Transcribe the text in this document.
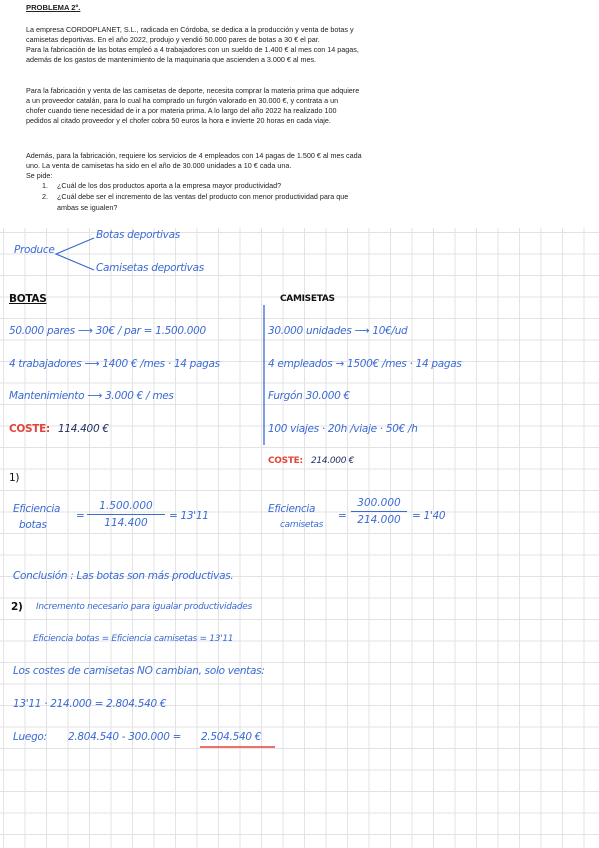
PROBLEMA 2º.
La empresa CORDOPLANET, S.L., radicada en Córdoba, se dedica a la producción y venta de botas y
camisetas deportivas. En el año 2022, produjo y vendió 50.000 pares de botas a 30 € el par.
Para la fabricación de las botas empleó a 4 trabajadores con un sueldo de 1.400 € al mes con 14 pagas,
además de los gastos de mantenimiento de la maquinaria que ascienden a 3.000 € al mes.
Para la fabricación y venta de las camisetas de deporte, necesita comprar la materia prima que adquiere
a un proveedor catalán, para lo cual ha comprado un furgón valorado en 30.000 €, y contrata a un
chofer cuando tiene necesidad de ir a por materia prima. A lo largo del año 2022 ha realizado 100
pedidos al citado proveedor y el chofer cobra 50 euros la hora e invierte 20 horas en cada viaje.
Además, para la fabricación, requiere los servicios de 4 empleados con 14 pagas de 1.500 € al mes cada
uno. La venta de camisetas ha sido en el año de 30.000 unidades a 10 € cada una.
Se pide:
1. ¿Cuál de los dos productos aporta a la empresa mayor productividad?
2. ¿Cuál debe ser el incremento de las ventas del producto con menor productividad para que
ambas se igualen?
Produce
Botas deportivas
Camisetas deportivas
BOTAS	CAMISETAS
50.000 pares ⟶ 30€ / par = 1.500.000
4 trabajadores ⟶ 1400 € /mes · 14 pagas
Mantenimiento ⟶ 3.000 € / mes
COSTE: 114.400 €
30.000 unidades ⟶ 10€/ud
4 empleados → 1500€ /mes · 14 pagas
Furgón 30.000 €
100 viajes · 20h /viaje · 50€ /h
COSTE: 214.000 €
1)
Eficiencia
botas
=
1.500.000
114.400
= 13'11
Eficiencia
camisetas
=
300.000
214.000 = 1'40
Conclusión : Las botas son más productivas.
2) Incremento necesario para igualar productividades
Eficiencia botas = Eficiencia camisetas = 13'11
Los costes de camisetas NO cambian, solo ventas:
13'11 · 214.000 = 2.804.540 €
Luego: 2.804.540 - 300.000 = 2.504.540 €
